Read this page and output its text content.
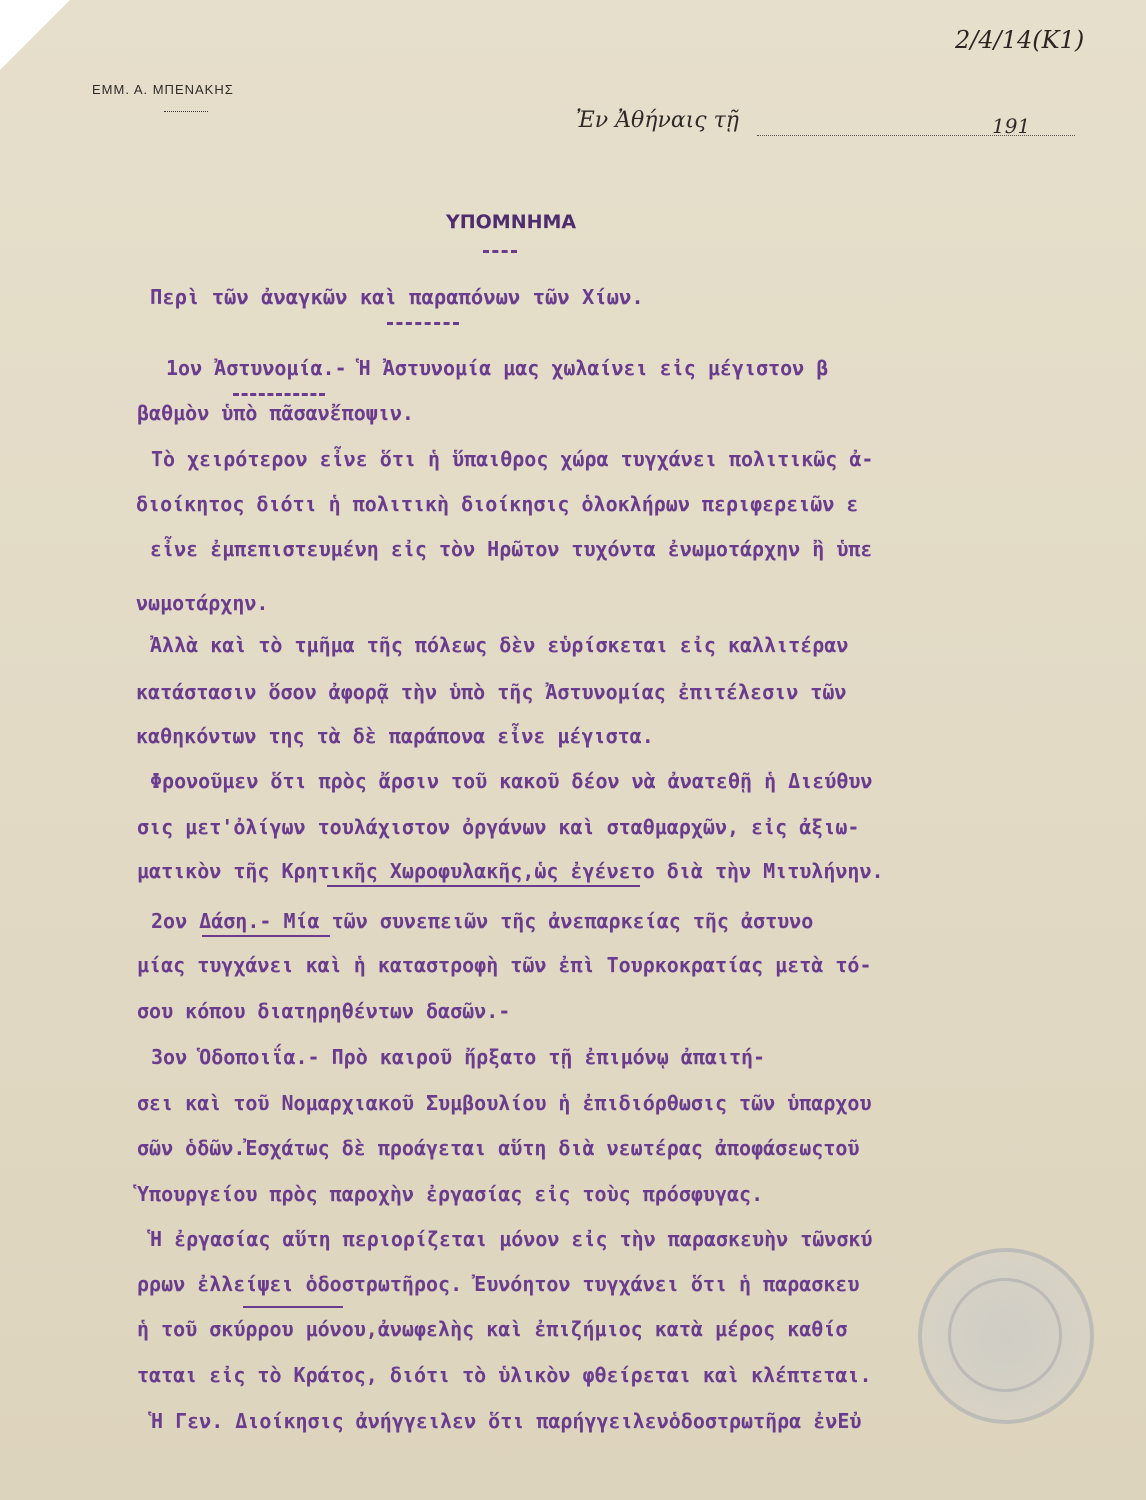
2/4/14(K1)
ΕΜΜ. Α. ΜΠΕΝΑΚΗΣ
Ἐν Ἀθήναις τῇ	191
ΥΠΟΜΝΗΜΑ
Περὶ τῶν ἀναγκῶν καὶ παραπόνων τῶν Χίων.
1ον Ἀστυνομία.- Ἡ Ἀστυνομία μας χωλαίνει εἰς μέγιστον β
βαθμὸν ὑπὸ πᾶσανἔποψιν.
Τὸ χειρότερον εἶνε ὅτι ἡ ὕπαιθρος χώρα τυγχάνει πολιτικῶς ἀ-
διοίκητος διότι ἡ πολιτικὴ διοίκησις ὁλοκλήρων περιφερειῶν ε
εἶνε ἐμπεπιστευμένη εἰς τὸν Ηρῶτον τυχόντα ἐνωμοτάρχην ἢ ὑπε
νωμοτάρχην.
Ἀλλὰ καὶ τὸ τμῆμα τῆς πόλεως δὲν εὑρίσκεται εἰς καλλιτέραν
κατάστασιν ὅσον ἀφορᾷ τὴν ὑπὸ τῆς Ἀστυνομίας ἐπιτέλεσιν τῶν
καθηκόντων της τὰ δὲ παράπονα εἶνε μέγιστα.
Φρονοῦμεν ὅτι πρὸς ἄρσιν τοῦ κακοῦ δέον νὰ ἀνατεθῇ ἡ Διεύθυν
σις μετ'ὀλίγων τουλάχιστον ὀργάνων καὶ σταθμαρχῶν, εἰς ἀξιω-
ματικὸν τῆς Κρητικῆς Χωροφυλακῆς,ὡς ἐγένετο διὰ τὴν Μιτυλήνην.
2ον Δάση.- Μία τῶν συνεπειῶν τῆς ἀνεπαρκείας τῆς ἀστυνο
μίας τυγχάνει καὶ ἡ καταστροφὴ τῶν ἐπὶ Τουρκοκρατίας μετὰ τό-
σου κόπου διατηρηθέντων δασῶν.-
3ον Ὁδοποιΐα.- Πρὸ καιροῦ ἤρξατο τῇ ἐπιμόνῳ ἀπαιτή-
σει καὶ τοῦ Νομαρχιακοῦ Συμβουλίου ἡ ἐπιδιόρθωσις τῶν ὑπαρχου
σῶν ὁδῶν.Ἐσχάτως δὲ προάγεται αὕτη διὰ νεωτέρας ἀποφάσεωςτοῦ
Ὑπουργείου πρὸς παροχὴν ἐργασίας εἰς τοὺς πρόσφυγας.
Ἡ ἐργασίας αὕτη περιορίζεται μόνον εἰς τὴν παρασκευὴν τῶνσκύ
ρρων ἐλλείψει ὁδοστρωτῆρος. Ἐυνόητον τυγχάνει ὅτι ἡ παρασκευ
ἡ τοῦ σκύρρου μόνου,ἀνωφελὴς καὶ ἐπιζήμιος κατὰ μέρος καθίσ
ταται εἰς τὸ Κράτος, διότι τὸ ὑλικὸν φθείρεται καὶ κλέπτεται.
Ἡ Γεν. Διοίκησις ἀνήγγειλεν ὅτι παρήγγειλενὁδοστρωτῆρα ἐνΕὐ
